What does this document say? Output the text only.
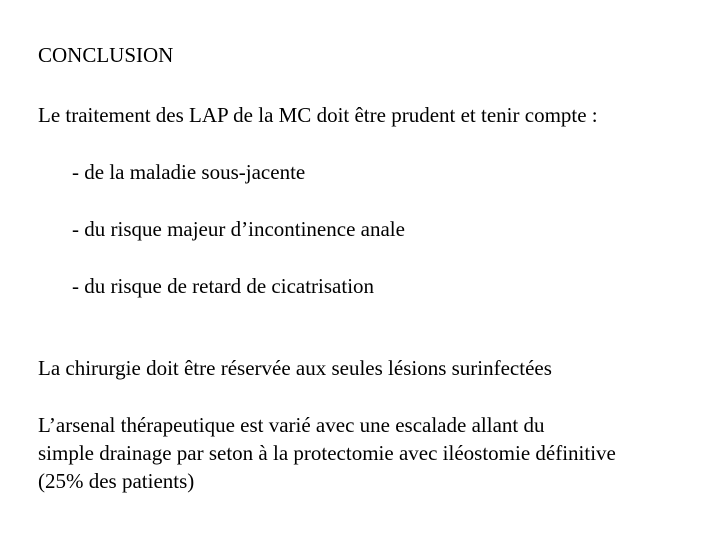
CONCLUSION
Le traitement des LAP de la MC doit être prudent et tenir compte :
- de la maladie sous-jacente
- du risque majeur d’incontinence anale
- du risque de retard de cicatrisation
La chirurgie doit être réservée aux seules lésions surinfectées
L’arsenal thérapeutique est varié avec une escalade allant du
simple drainage par seton à la protectomie avec iléostomie définitive
(25% des patients)
